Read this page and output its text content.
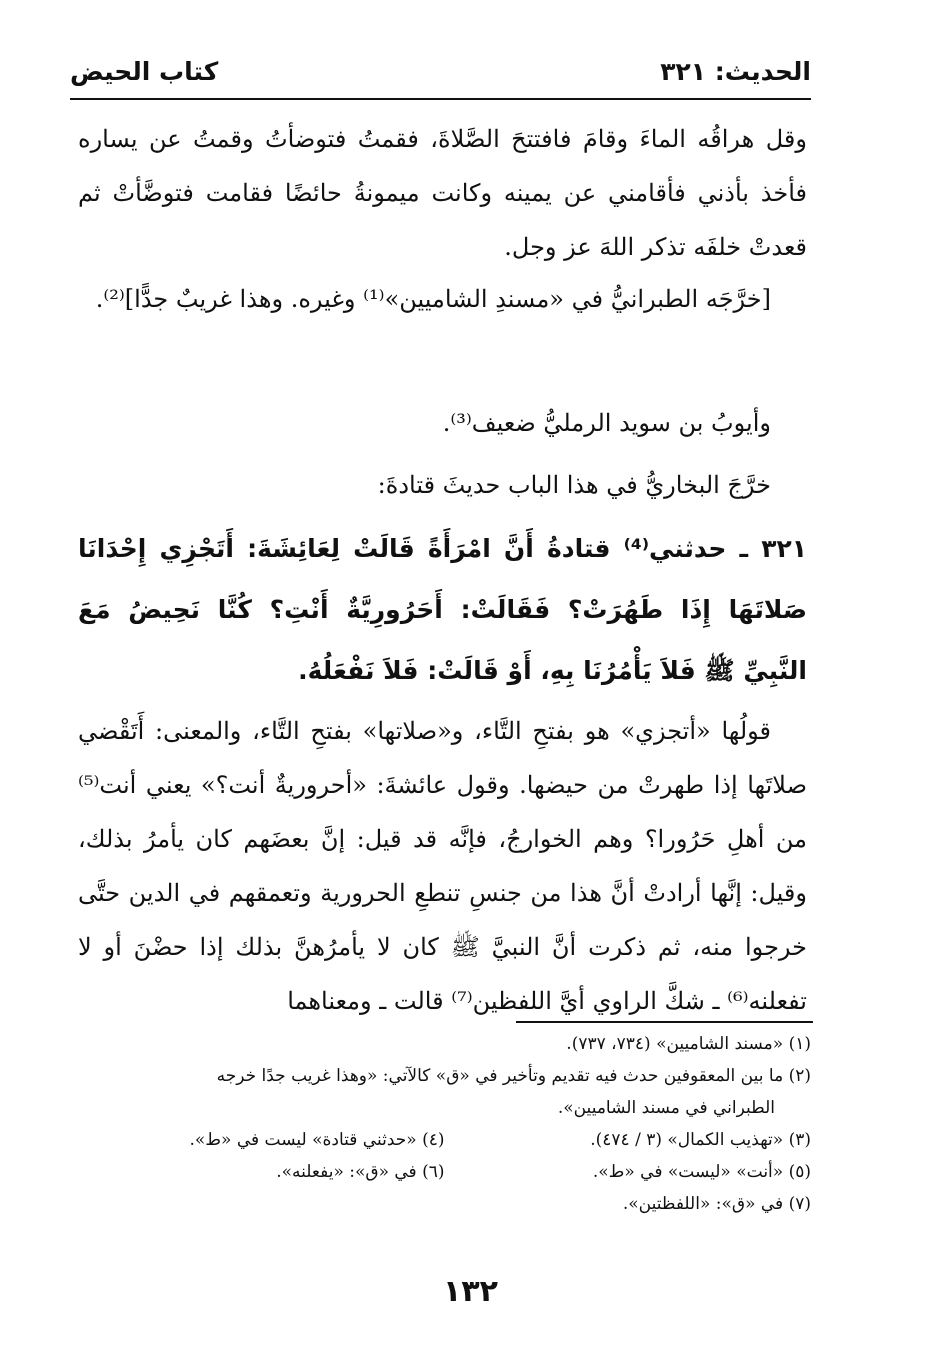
الحديث: ٣٢١
كتاب الحيض
وقل هراقُه الماءَ وقامَ فافتتحَ الصَّلاةَ، فقمتُ فتوضأتُ وقمتُ عن يساره فأخذ بأذني فأقامني عن يمينه وكانت ميمونةُ حائضًا فقامت فتوضَّأتْ ثم قعدتْ خلفَه تذكر اللهَ عز وجل.
[خرَّجَه الطبرانيُّ في «مسندِ الشاميين»⁽¹⁾ وغيره. وهذا غريبٌ جدًّا]⁽²⁾.
وأيوبُ بن سويد الرمليُّ ضعيف⁽³⁾.
خرَّجَ البخاريُّ في هذا الباب حديثَ قتادةَ:
٣٢١ ـ حدثني⁽⁴⁾ قتادةُ أَنَّ امْرَأَةً قَالَتْ لِعَائِشَةَ: أَتَجْزِي إِحْدَانَا صَلاتَهَا إِذَا طَهُرَتْ؟ فَقَالَتْ: أَحَرُورِيَّةٌ أَنْتِ؟ كُنَّا نَحِيضُ مَعَ النَّبِيِّ ﷺ فَلاَ يَأْمُرُنَا بِهِ، أَوْ قَالَتْ: فَلاَ نَفْعَلُهُ.
قولُها «أتجزي» هو بفتحِ التَّاء، و«صلاتها» بفتحِ التَّاء، والمعنى: أَتَقْضي صلاتَها إذا طهرتْ من حيضها. وقول عائشةَ: «أحروريةٌ أنت؟» يعني أنت⁽⁵⁾ من أهلِ حَرُورا؟ وهم الخوارجُ، فإنَّه قد قيل: إنَّ بعضَهم كان يأمرُ بذلك، وقيل: إنَّها أرادتْ أنَّ هذا من جنسِ تنطعِ الحرورية وتعمقهم في الدين حتَّى خرجوا منه، ثم ذكرت أنَّ النبيَّ ﷺ كان لا يأمرُهنَّ بذلك إذا حضْنَ أو لا تفعلنه⁽⁶⁾ ـ شكَّ الراوي أيَّ اللفظين⁽⁷⁾ قالت ـ ومعناهما
(١) «مسند الشاميين» (٧٣٤، ٧٣٧).
(٢) ما بين المعقوفين حدث فيه تقديم وتأخير في «ق» كالآتي: «وهذا غريب جدًا خرجه
الطبراني في مسند الشاميين».
(٣) «تهذيب الكمال» (٣ / ٤٧٤).
(٤) «حدثني قتادة» ليست في «ط».
(٥) «أنت» «ليست» في «ط».
(٦) في «ق»: «يفعلنه».
(٧) في «ق»: «اللفظتين».
١٣٢
